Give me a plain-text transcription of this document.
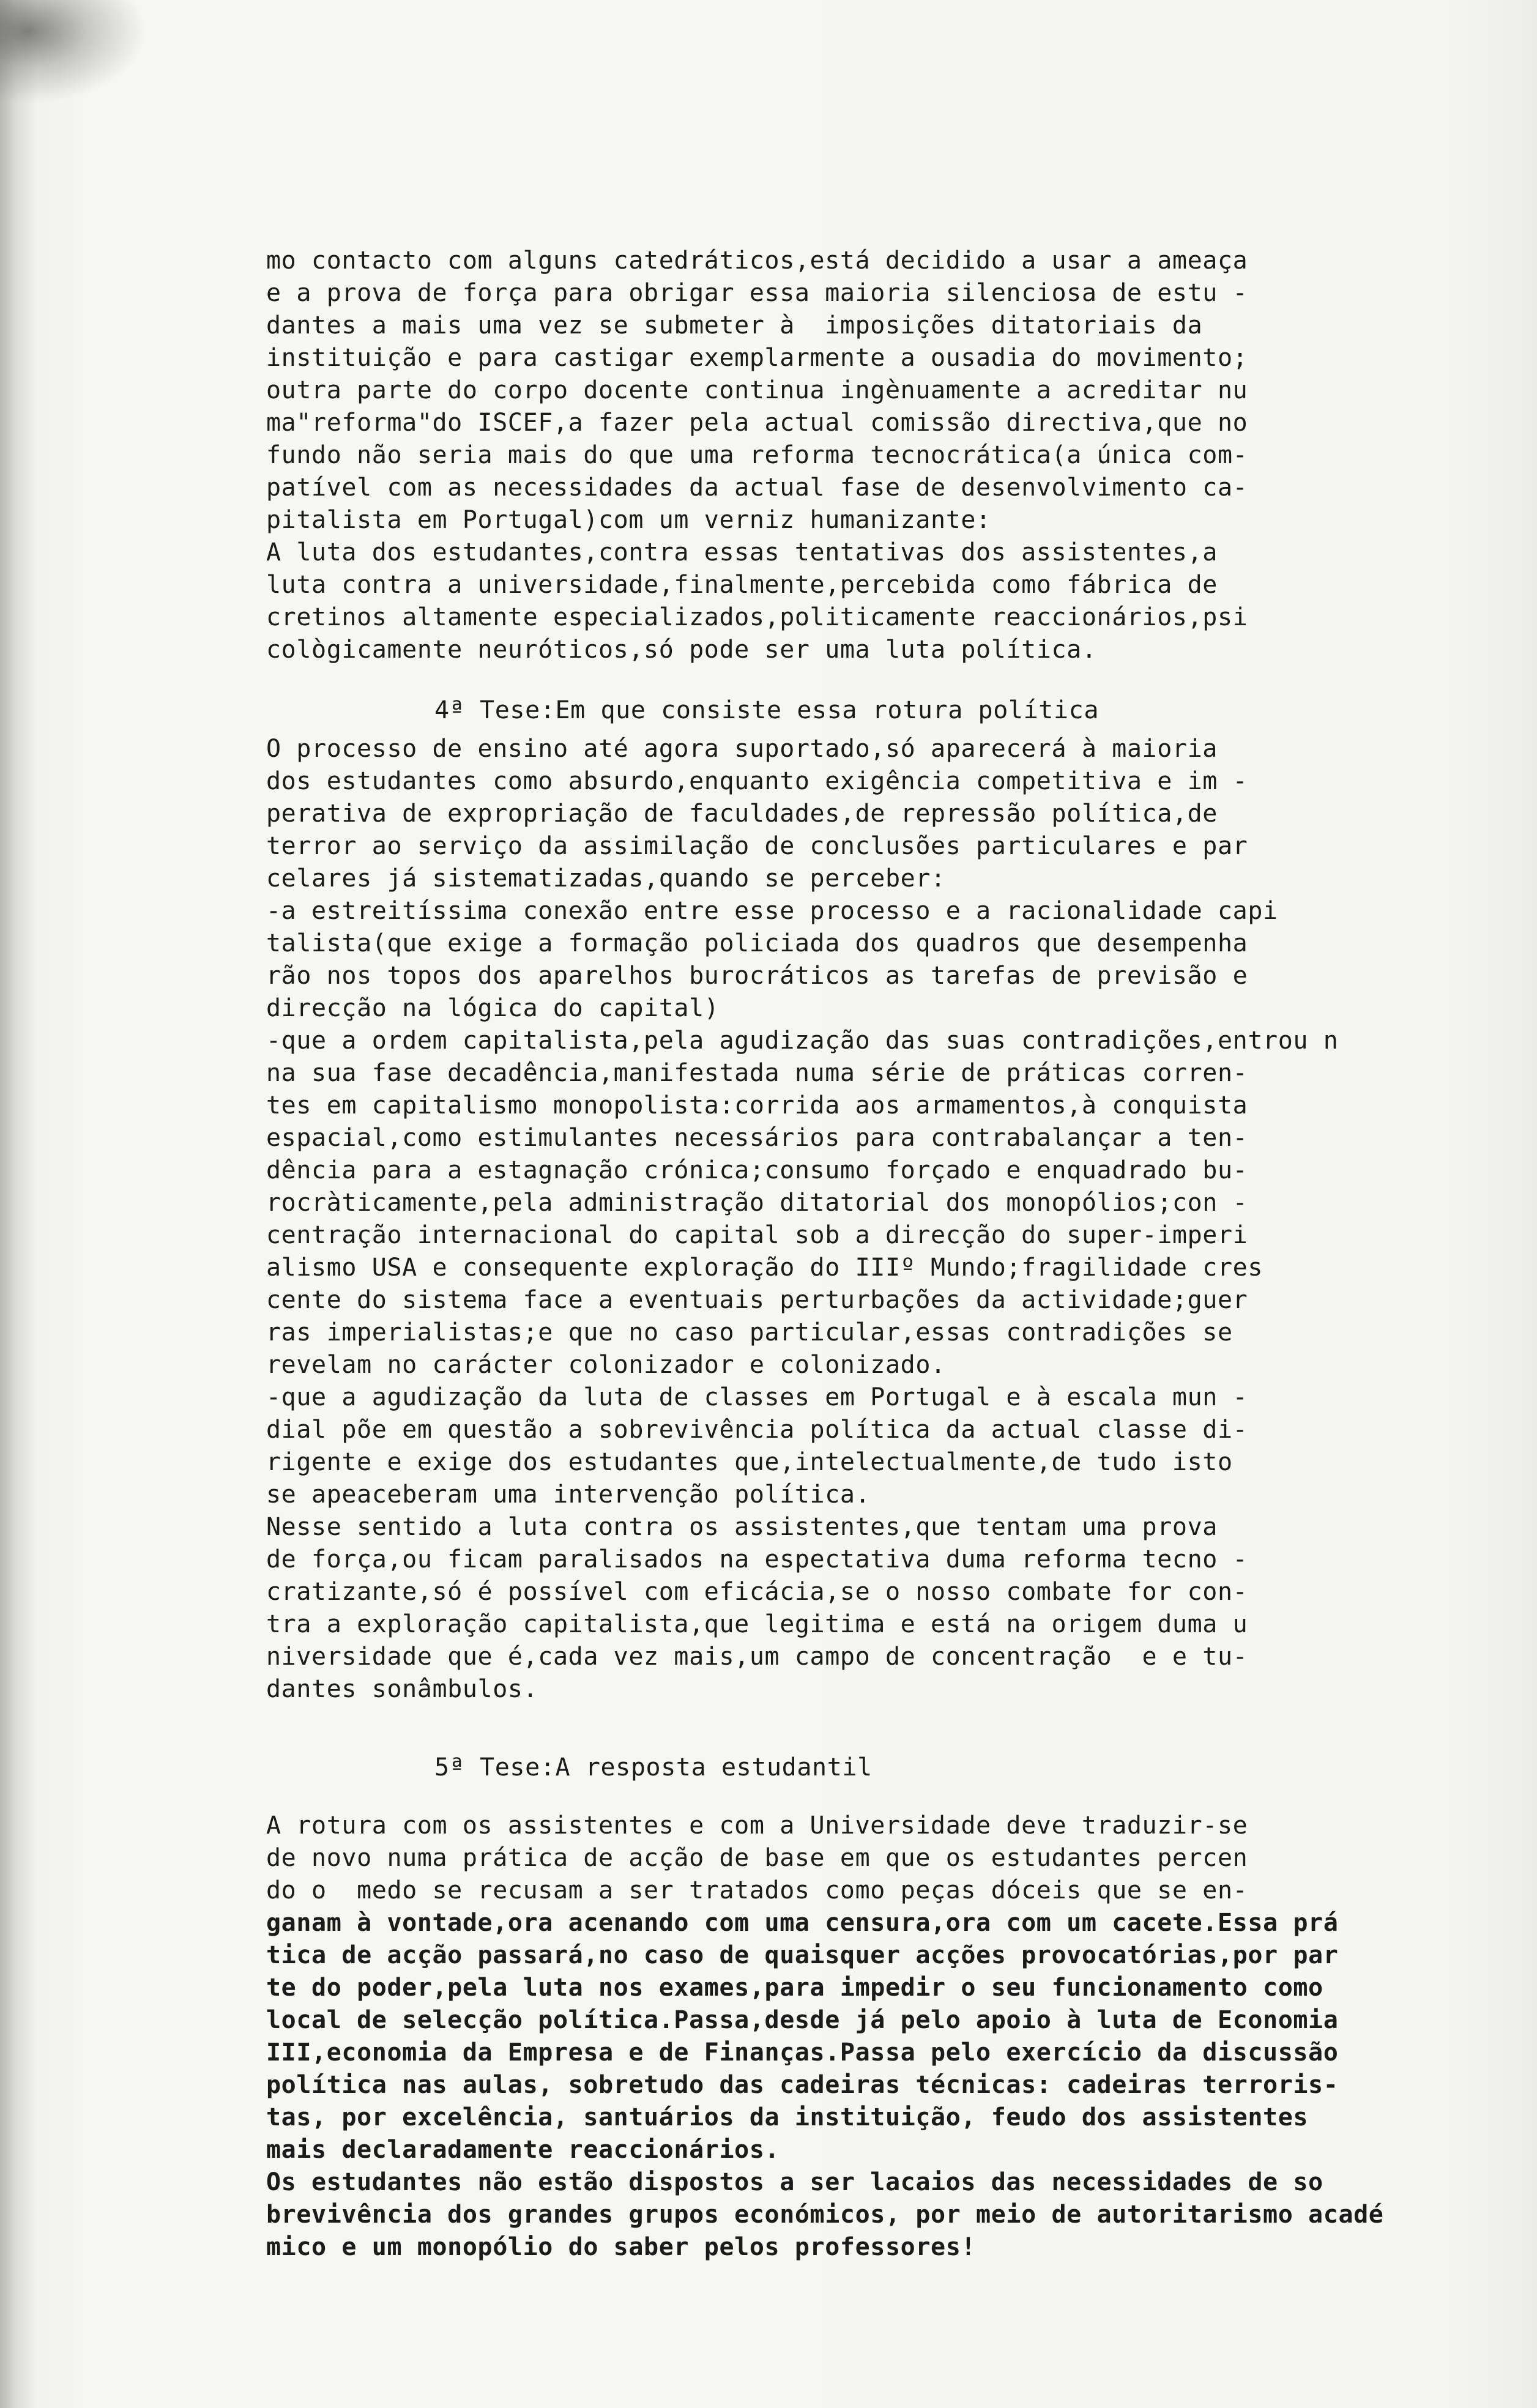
mo contacto com alguns catedráticos,está decidido a usar a ameaça
e a prova de força para obrigar essa maioria silenciosa de estu -
dantes a mais uma vez se submeter à  imposições ditatoriais da
instituição e para castigar exemplarmente a ousadia do movimento;
outra parte do corpo docente continua ingènuamente a acreditar nu
ma"reforma"do ISCEF,a fazer pela actual comissão directiva,que no
fundo não seria mais do que uma reforma tecnocrática(a única com-
patível com as necessidades da actual fase de desenvolvimento ca-
pitalista em Portugal)com um verniz humanizante:
A luta dos estudantes,contra essas tentativas dos assistentes,a
luta contra a universidade,finalmente,percebida como fábrica de
cretinos altamente especializados,politicamente reaccionários,psi
cològicamente neuróticos,só pode ser uma luta política.
4ª Tese:Em que consiste essa rotura política
O processo de ensino até agora suportado,só aparecerá à maioria
dos estudantes como absurdo,enquanto exigência competitiva e im -
perativa de expropriação de faculdades,de repressão política,de
terror ao serviço da assimilação de conclusões particulares e par
celares já sistematizadas,quando se perceber:
-a estreitíssima conexão entre esse processo e a racionalidade capi
talista(que exige a formação policiada dos quadros que desempenha
rão nos topos dos aparelhos burocráticos as tarefas de previsão e
direcção na lógica do capital)
-que a ordem capitalista,pela agudização das suas contradições,entrou n
na sua fase decadência,manifestada numa série de práticas corren-
tes em capitalismo monopolista:corrida aos armamentos,à conquista
espacial,como estimulantes necessários para contrabalançar a ten-
dência para a estagnação crónica;consumo forçado e enquadrado bu-
rocràticamente,pela administração ditatorial dos monopólios;con -
centração internacional do capital sob a direcção do super-imperi
alismo USA e consequente exploração do IIIº Mundo;fragilidade cres
cente do sistema face a eventuais perturbações da actividade;guer
ras imperialistas;e que no caso particular,essas contradições se
revelam no carácter colonizador e colonizado.
-que a agudização da luta de classes em Portugal e à escala mun -
dial põe em questão a sobrevivência política da actual classe di-
rigente e exige dos estudantes que,intelectualmente,de tudo isto
se apeaceberam uma intervenção política.
Nesse sentido a luta contra os assistentes,que tentam uma prova
de força,ou ficam paralisados na espectativa duma reforma tecno -
cratizante,só é possível com eficácia,se o nosso combate for con-
tra a exploração capitalista,que legitima e está na origem duma u
niversidade que é,cada vez mais,um campo de concentração  e e tu-
dantes sonâmbulos.
5ª Tese:A resposta estudantil
A rotura com os assistentes e com a Universidade deve traduzir-se
de novo numa prática de acção de base em que os estudantes percen
do o  medo se recusam a ser tratados como peças dóceis que se en-
ganam à vontade,ora acenando com uma censura,ora com um cacete.Essa prá
tica de acção passará,no caso de quaisquer acções provocatórias,por par
te do poder,pela luta nos exames,para impedir o seu funcionamento como
local de selecção política.Passa,desde já pelo apoio à luta de Economia
III,economia da Empresa e de Finanças.Passa pelo exercício da discussão
política nas aulas, sobretudo das cadeiras técnicas: cadeiras terroris-
tas, por excelência, santuários da instituição, feudo dos assistentes
mais declaradamente reaccionários.
Os estudantes não estão dispostos a ser lacaios das necessidades de so
brevivência dos grandes grupos económicos, por meio de autoritarismo acadé
mico e um monopólio do saber pelos professores!
